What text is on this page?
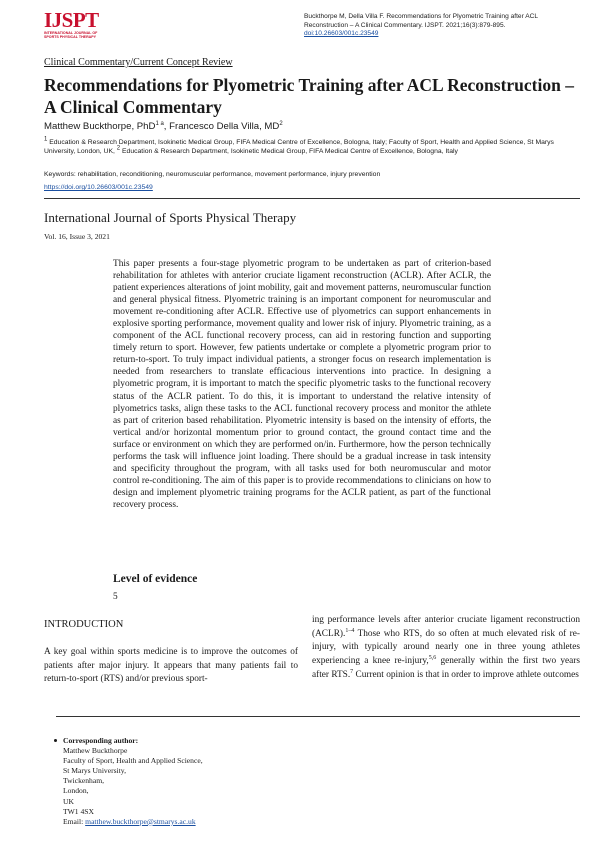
IJSPT
INTERNATIONAL JOURNAL OF
SPORTS PHYSICAL THERAPY
Buckthorpe M, Della Villa F. Recommendations for Plyometric Training after ACL
Reconstruction – A Clinical Commentary. IJSPT. 2021;16(3):879-895.
doi:10.26603/001c.23549
Clinical Commentary/Current Concept Review
Recommendations for Plyometric Training after ACL Reconstruction – A Clinical Commentary
Matthew Buckthorpe, PhD$^{1 a}$, Francesco Della Villa, $MD^2$
$^1$ Education & Research Department, Isokinetic Medical Group, FIFA Medical Centre of Excellence, Bologna, Italy; Faculty of Sport, Health and Applied Science, St Marys University, London, UK, $^2$ Education & Research Department, Isokinetic Medical Group, FIFA Medical Centre of Excellence, Bologna, Italy
Keywords: rehabilitation, reconditioning, neuromuscular performance, movement performance, injury prevention
https://doi.org/10.26603/001c.23549
International Journal of Sports Physical Therapy
Vol. 16, Issue 3, 2021
This paper presents a four-stage plyometric program to be undertaken as part of criterion-based rehabilitation for athletes with anterior cruciate ligament reconstruction (ACLR). After ACLR, the patient experiences alterations of joint mobility, gait and movement patterns, neuromuscular function and general physical fitness. Plyometric training is an important component for neuromuscular and movement re-conditioning after ACLR. Effective use of plyometrics can support enhancements in explosive sporting performance, movement quality and lower risk of injury. Plyometric training, as a component of the ACL functional recovery process, can aid in restoring function and supporting timely return to sport. However, few patients undertake or complete a plyometric program prior to return-to-sport. To truly impact individual patients, a stronger focus on research implementation is needed from researchers to translate efficacious interventions into practice. In designing a plyometric program, it is important to match the specific plyometric tasks to the functional recovery status of the ACLR patient. To do this, it is important to understand the relative intensity of plyometrics tasks, align these tasks to the ACL functional recovery process and monitor the athlete as part of criterion based rehabilitation. Plyometric intensity is based on the intensity of efforts, the vertical and/or horizontal momentum prior to ground contact, the ground contact time and the surface or environment on which they are performed on/in. Furthermore, how the person technically performs the task will influence joint loading. There should be a gradual increase in task intensity and specificity throughout the program, with all tasks used for both neuromuscular and motor control re-conditioning. The aim of this paper is to provide recommendations to clinicians on how to design and implement plyometric training programs for the ACLR patient, as part of the functional recovery process.
Level of evidence
5
INTRODUCTION
A key goal within sports medicine is to improve the outcomes of patients after major injury. It appears that many patients fail to return-to-sport (RTS) and/or previous sport-
ing performance levels after anterior cruciate ligament reconstruction (ACLR).$^{1-4}$ Those who RTS, do so often at much elevated risk of re-injury, with typically around nearly one in three young athletes experiencing a knee re-injury,$^{5,6}$ generally within the first two years after RTS.$^7$ Current opinion is that in order to improve athlete outcomes
Corresponding author:
Matthew Buckthorpe
Faculty of Sport, Health and Applied Science,
St Marys University,
Twickenham,
London,
UK
TW1 4SX
Email: matthew.buckthorpe@stmarys.ac.uk
